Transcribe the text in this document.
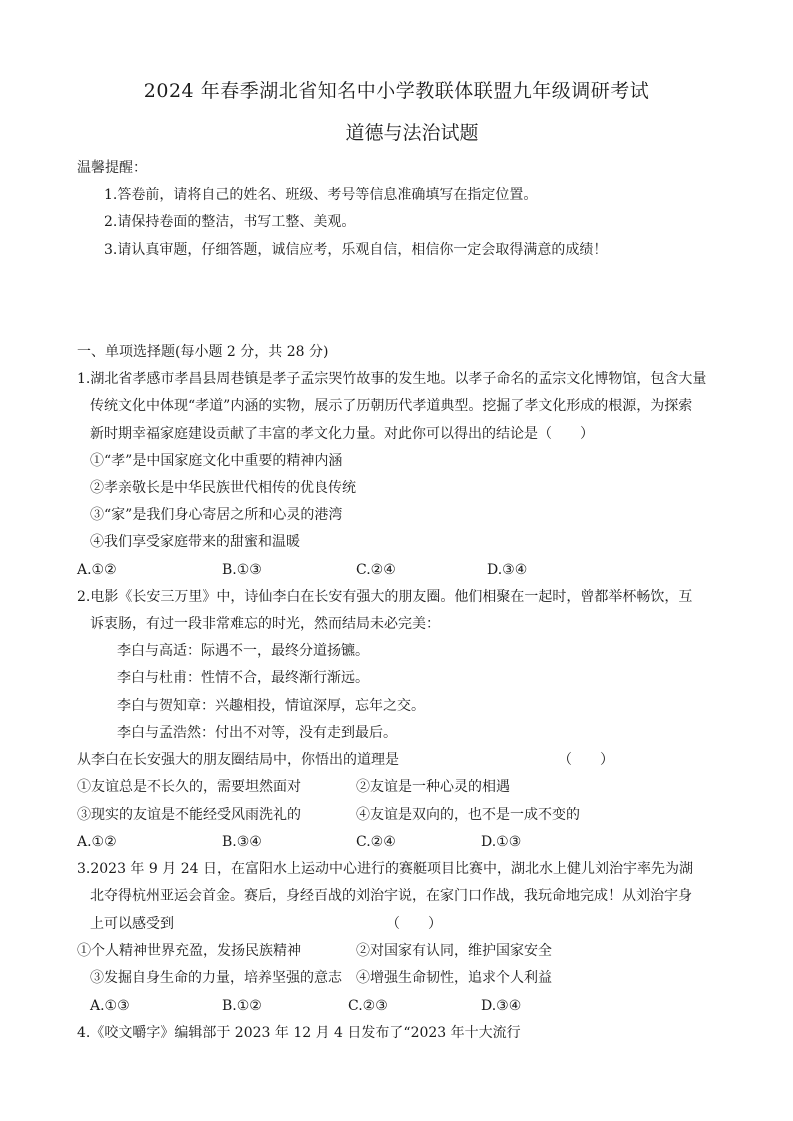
2024 年春季湖北省知名中小学教联体联盟九年级调研考试
道德与法治试题
温馨提醒：
1.答卷前，请将自己的姓名、班级、考号等信息准确填写在指定位置。
2.请保持卷面的整洁，书写工整、美观。
3.请认真审题，仔细答题，诚信应考，乐观自信，相信你一定会取得满意的成绩！
一、单项选择题(每小题 2 分，共 28 分)
1.湖北省孝感市孝昌县周巷镇是孝子孟宗哭竹故事的发生地。以孝子命名的孟宗文化博物馆，包含大量
传统文化中体现“孝道”内涵的实物，展示了历朝历代孝道典型。挖掘了孝文化形成的根源，为探索
新时期幸福家庭建设贡献了丰富的孝文化力量。对此你可以得出的结论是（　　）
①“孝”是中国家庭文化中重要的精神内涵
②孝亲敬长是中华民族世代相传的优良传统
③“家”是我们身心寄居之所和心灵的港湾
④我们享受家庭带来的甜蜜和温暖
A.①②	B.①③	C.②④	D.③④
2.电影《长安三万里》中，诗仙李白在长安有强大的朋友圈。他们相聚在一起时，曾都举杯畅饮，互
诉衷肠，有过一段非常难忘的时光，然而结局未必完美：
李白与高适：际遇不一，最终分道扬镳。
李白与杜甫：性情不合，最终渐行渐远。
李白与贺知章：兴趣相投，情谊深厚，忘年之交。
李白与孟浩然：付出不对等，没有走到最后。
从李白在长安强大的朋友圈结局中，你悟出的道理是	（　　）
①友谊总是不长久的，需要坦然面对	②友谊是一种心灵的相遇
③现实的友谊是不能经受风雨洗礼的	④友谊是双向的，也不是一成不变的
A.①②	B.③④	C.②④	D.①③
3.2023 年 9 月 24 日，在富阳水上运动中心进行的赛艇项目比赛中，湖北水上健儿刘治宇率先为湖
北夺得杭州亚运会首金。赛后，身经百战的刘治宇说，在家门口作战，我玩命地完成！从刘治宇身
上可以感受到	（　　）
①个人精神世界充盈，发扬民族精神	②对国家有认同，维护国家安全
③发掘自身生命的力量，培养坚强的意志 ④增强生命韧性，追求个人利益
A.①③	B.①②	C.②③	D.③④
4.《咬文嚼字》编辑部于 2023 年 12 月 4 日发布了“2023 年十大流行
